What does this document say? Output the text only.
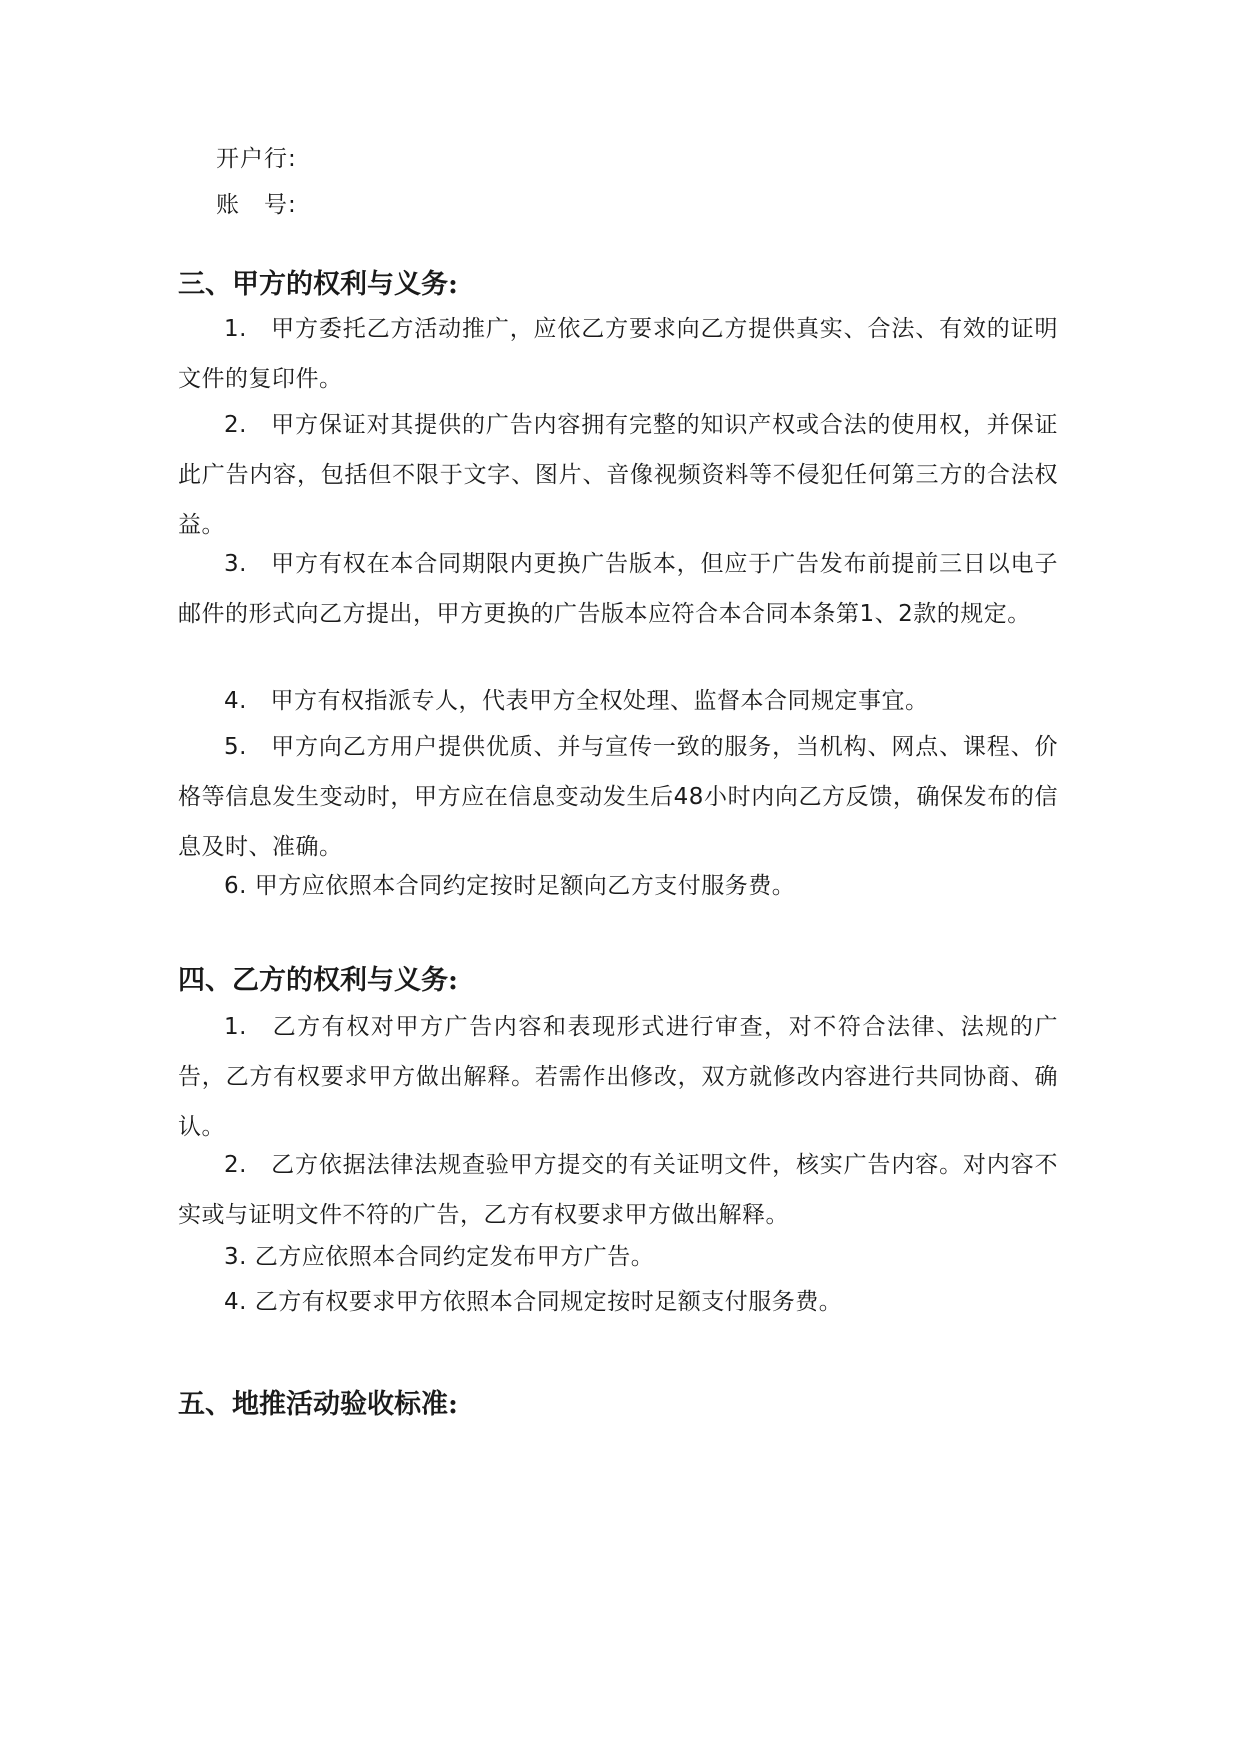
开户行:
账　号:
三、甲方的权利与义务:

1.　甲方委托乙方活动推广，应依乙方要求向乙方提供真实、合法、有效的证明文件的复印件。

2.　甲方保证对其提供的广告内容拥有完整的知识产权或合法的使用权，并保证此广告内容，包括但不限于文字、图片、音像视频资料等不侵犯任何第三方的合法权益。

3.　甲方有权在本合同期限内更换广告版本，但应于广告发布前提前三日以电子邮件的形式向乙方提出，甲方更换的广告版本应符合本合同本条第1、2款的规定。

4.　甲方有权指派专人，代表甲方全权处理、监督本合同规定事宜。

5.　甲方向乙方用户提供优质、并与宣传一致的服务，当机构、网点、课程、价格等信息发生变动时，甲方应在信息变动发生后48小时内向乙方反馈，确保发布的信息及时、准确。

6. 甲方应依照本合同约定按时足额向乙方支付服务费。

四、乙方的权利与义务:

1.　乙方有权对甲方广告内容和表现形式进行审查，对不符合法律、法规的广告，乙方有权要求甲方做出解释。若需作出修改，双方就修改内容进行共同协商、确认。

2.　乙方依据法律法规查验甲方提交的有关证明文件，核实广告内容。对内容不实或与证明文件不符的广告，乙方有权要求甲方做出解释。

3. 乙方应依照本合同约定发布甲方广告。

4. 乙方有权要求甲方依照本合同规定按时足额支付服务费。

五、地推活动验收标准:
